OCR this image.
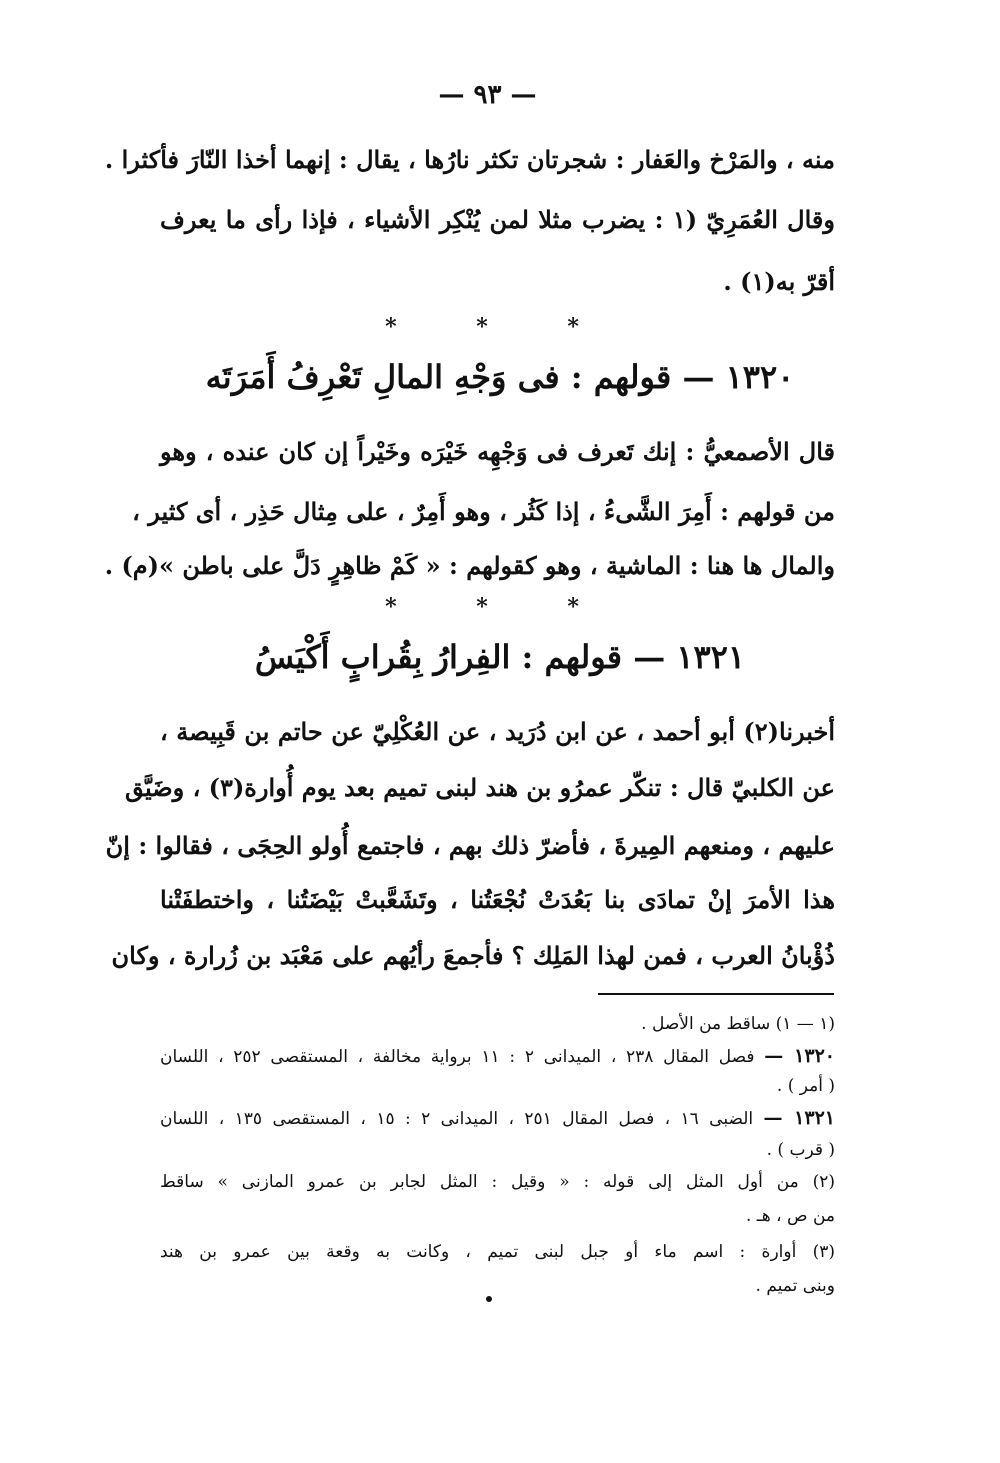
— ٩٣ —
منه ، والمَرْخ والعَفار : شجرتان تكثر نارُها ، يقال : إنهما أخذا النّارَ فأكثرا .
وقال العُمَرِيّ (١ : يضرب مثلا لمن يُنْكِر الأشياء ، فإذا رأى ما يعرف
أقرّ به(١) .
* * *
١٣٢٠ — قولهم : فى وَجْهِ المالِ تَعْرِفُ أَمَرَتَه
قال الأصمعيُّ : إنك تَعرف فى وَجْهِه خَيْرَه وخَيْراً إن كان عنده ، وهو
من قولهم : أَمِرَ الشَّىءُ ، إذا كَثُر ، وهو أَمِرٌ ، على مِثال حَذِر ، أى كثير ،
والمال ها هنا : الماشية ، وهو كقولهم : « كَمْ ظاهِرٍ دَلَّ على باطن »(م) .
* * *
١٣٢١ — قولهم : الفِرارُ بِقُرابٍ أَكْيَسُ
أخبرنا(٢) أبو أحمد ، عن ابن دُرَيد ، عن العُكْلِيّ عن حاتم بن قَبِيصة ،
عن الكلبيّ قال : تنكّر عمرُو بن هند لبنى تميم بعد يوم أُوارة(٣) ، وضَيَّق
عليهم ، ومنعهم المِيرةَ ، فأضرّ ذلك بهم ، فاجتمع أُولو الحِجَى ، فقالوا : إنّ
هذا الأمرَ إنْ تمادَى بنا بَعُدَتْ نُجْعَتُنا ، وتَشَعَّبتْ بَيْضَتُنا ، واختطفَتْنا
ذُؤْبانُ العرب ، فمن لهذا المَلِك ؟ فأجمعَ رأيُهم على مَعْبَد بن زُرارة ، وكان
(١ — ١) ساقط من الأصل .
١٣٢٠ — فصل المقال ٢٣٨ ، الميدانى ٢ : ١١ برواية مخالفة ، المستقصى ٢٥٢ ، اللسان
( أمر ) .
١٣٢١ — الضبى ١٦ ، فصل المقال ٢٥١ ، الميدانى ٢ : ١٥ ، المستقصى ١٣٥ ، اللسان
( قرب ) .
(٢) من أول المثل إلى قوله : « وقيل : المثل لجابر بن عمرو المازنى » ساقط
من ص ، هـ .
(٣) أوارة : اسم ماء أو جبل لبنى تميم ، وكانت به وقعة بين عمرو بن هند
وبنى تميم .
